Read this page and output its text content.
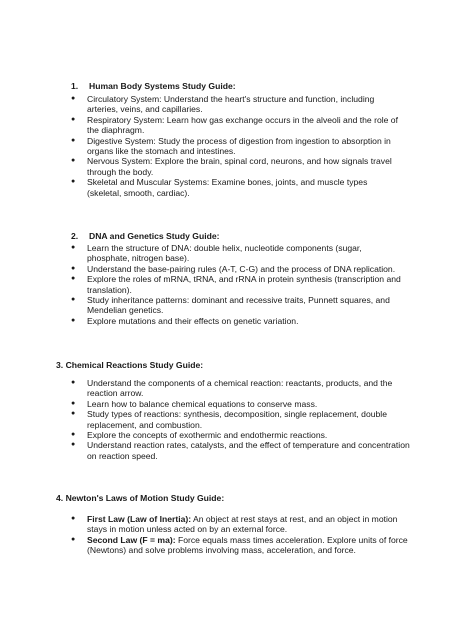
1. Human Body Systems Study Guide:
●	Circulatory System: Understand the heart's structure and function, including arteries, veins, and capillaries.
●	Respiratory System: Learn how gas exchange occurs in the alveoli and the role of the diaphragm.
●	Digestive System: Study the process of digestion from ingestion to absorption in organs like the stomach and intestines.
●	Nervous System: Explore the brain, spinal cord, neurons, and how signals travel through the body.
●	Skeletal and Muscular Systems: Examine bones, joints, and muscle types (skeletal, smooth, cardiac).
2. DNA and Genetics Study Guide:
●	Learn the structure of DNA: double helix, nucleotide components (sugar, phosphate, nitrogen base).
●	Understand the base-pairing rules (A-T, C-G) and the process of DNA replication.
●	Explore the roles of mRNA, tRNA, and rRNA in protein synthesis (transcription and translation).
●	Study inheritance patterns: dominant and recessive traits, Punnett squares, and Mendelian genetics.
●	Explore mutations and their effects on genetic variation.
3. Chemical Reactions Study Guide:
●	Understand the components of a chemical reaction: reactants, products, and the reaction arrow.
●	Learn how to balance chemical equations to conserve mass.
●	Study types of reactions: synthesis, decomposition, single replacement, double replacement, and combustion.
●	Explore the concepts of exothermic and endothermic reactions.
●	Understand reaction rates, catalysts, and the effect of temperature and concentration on reaction speed.
4. Newton's Laws of Motion Study Guide:
●	First Law (Law of Inertia): An object at rest stays at rest, and an object in motion stays in motion unless acted on by an external force.
●	Second Law (F = ma): Force equals mass times acceleration. Explore units of force (Newtons) and solve problems involving mass, acceleration, and force.
